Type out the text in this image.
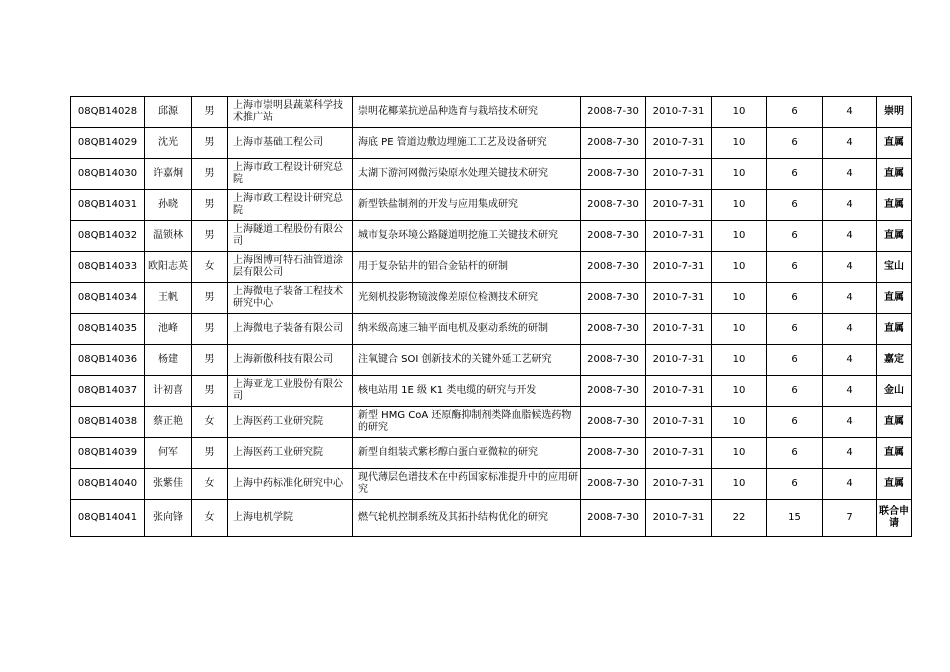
08QB14028	邱源	男	上海市崇明县蔬菜科学技术推广站	崇明花椰菜抗逆品种选育与栽培技术研究	2008-7-30	2010-7-31	10	6	4	崇明
08QB14029	沈光	男	上海市基础工程公司	海底 PE 管道边敷边埋施工工艺及设备研究	2008-7-30	2010-7-31	10	6	4	直属
08QB14030	许嘉炯	男	上海市政工程设计研究总院	太湖下游河网微污染原水处理关键技术研究	2008-7-30	2010-7-31	10	6	4	直属
08QB14031	孙晓	男	上海市政工程设计研究总院	新型铁盐制剂的开发与应用集成研究	2008-7-30	2010-7-31	10	6	4	直属
08QB14032	温锁林	男	上海隧道工程股份有限公司	城市复杂环境公路隧道明挖施工关键技术研究	2008-7-30	2010-7-31	10	6	4	直属
08QB14033	欧阳志英	女	上海图博可特石油管道涂层有限公司	用于复杂钻井的铝合金钻杆的研制	2008-7-30	2010-7-31	10	6	4	宝山
08QB14034	王帆	男	上海微电子装备工程技术研究中心	光刻机投影物镜波像差原位检测技术研究	2008-7-30	2010-7-31	10	6	4	直属
08QB14035	池峰	男	上海微电子装备有限公司	纳米级高速三轴平面电机及驱动系统的研制	2008-7-30	2010-7-31	10	6	4	直属
08QB14036	杨建	男	上海新傲科技有限公司	注氧键合 SOI 创新技术的关键外延工艺研究	2008-7-30	2010-7-31	10	6	4	嘉定
08QB14037	计初喜	男	上海亚龙工业股份有限公司	核电站用 1E 级 K1 类电缆的研究与开发	2008-7-30	2010-7-31	10	6	4	金山
08QB14038	蔡正艳	女	上海医药工业研究院	新型 HMG CoA 还原酶抑制剂类降血脂候选药物的研究	2008-7-30	2010-7-31	10	6	4	直属
08QB14039	何军	男	上海医药工业研究院	新型自组装式紫杉醇白蛋白亚微粒的研究	2008-7-30	2010-7-31	10	6	4	直属
08QB14040	张紫佳	女	上海中药标准化研究中心	现代薄层色谱技术在中药国家标准提升中的应用研究	2008-7-30	2010-7-31	10	6	4	直属
08QB14041	张向锋	女	上海电机学院	燃气轮机控制系统及其拓扑结构优化的研究	2008-7-30	2010-7-31	22	15	7	联合申请
